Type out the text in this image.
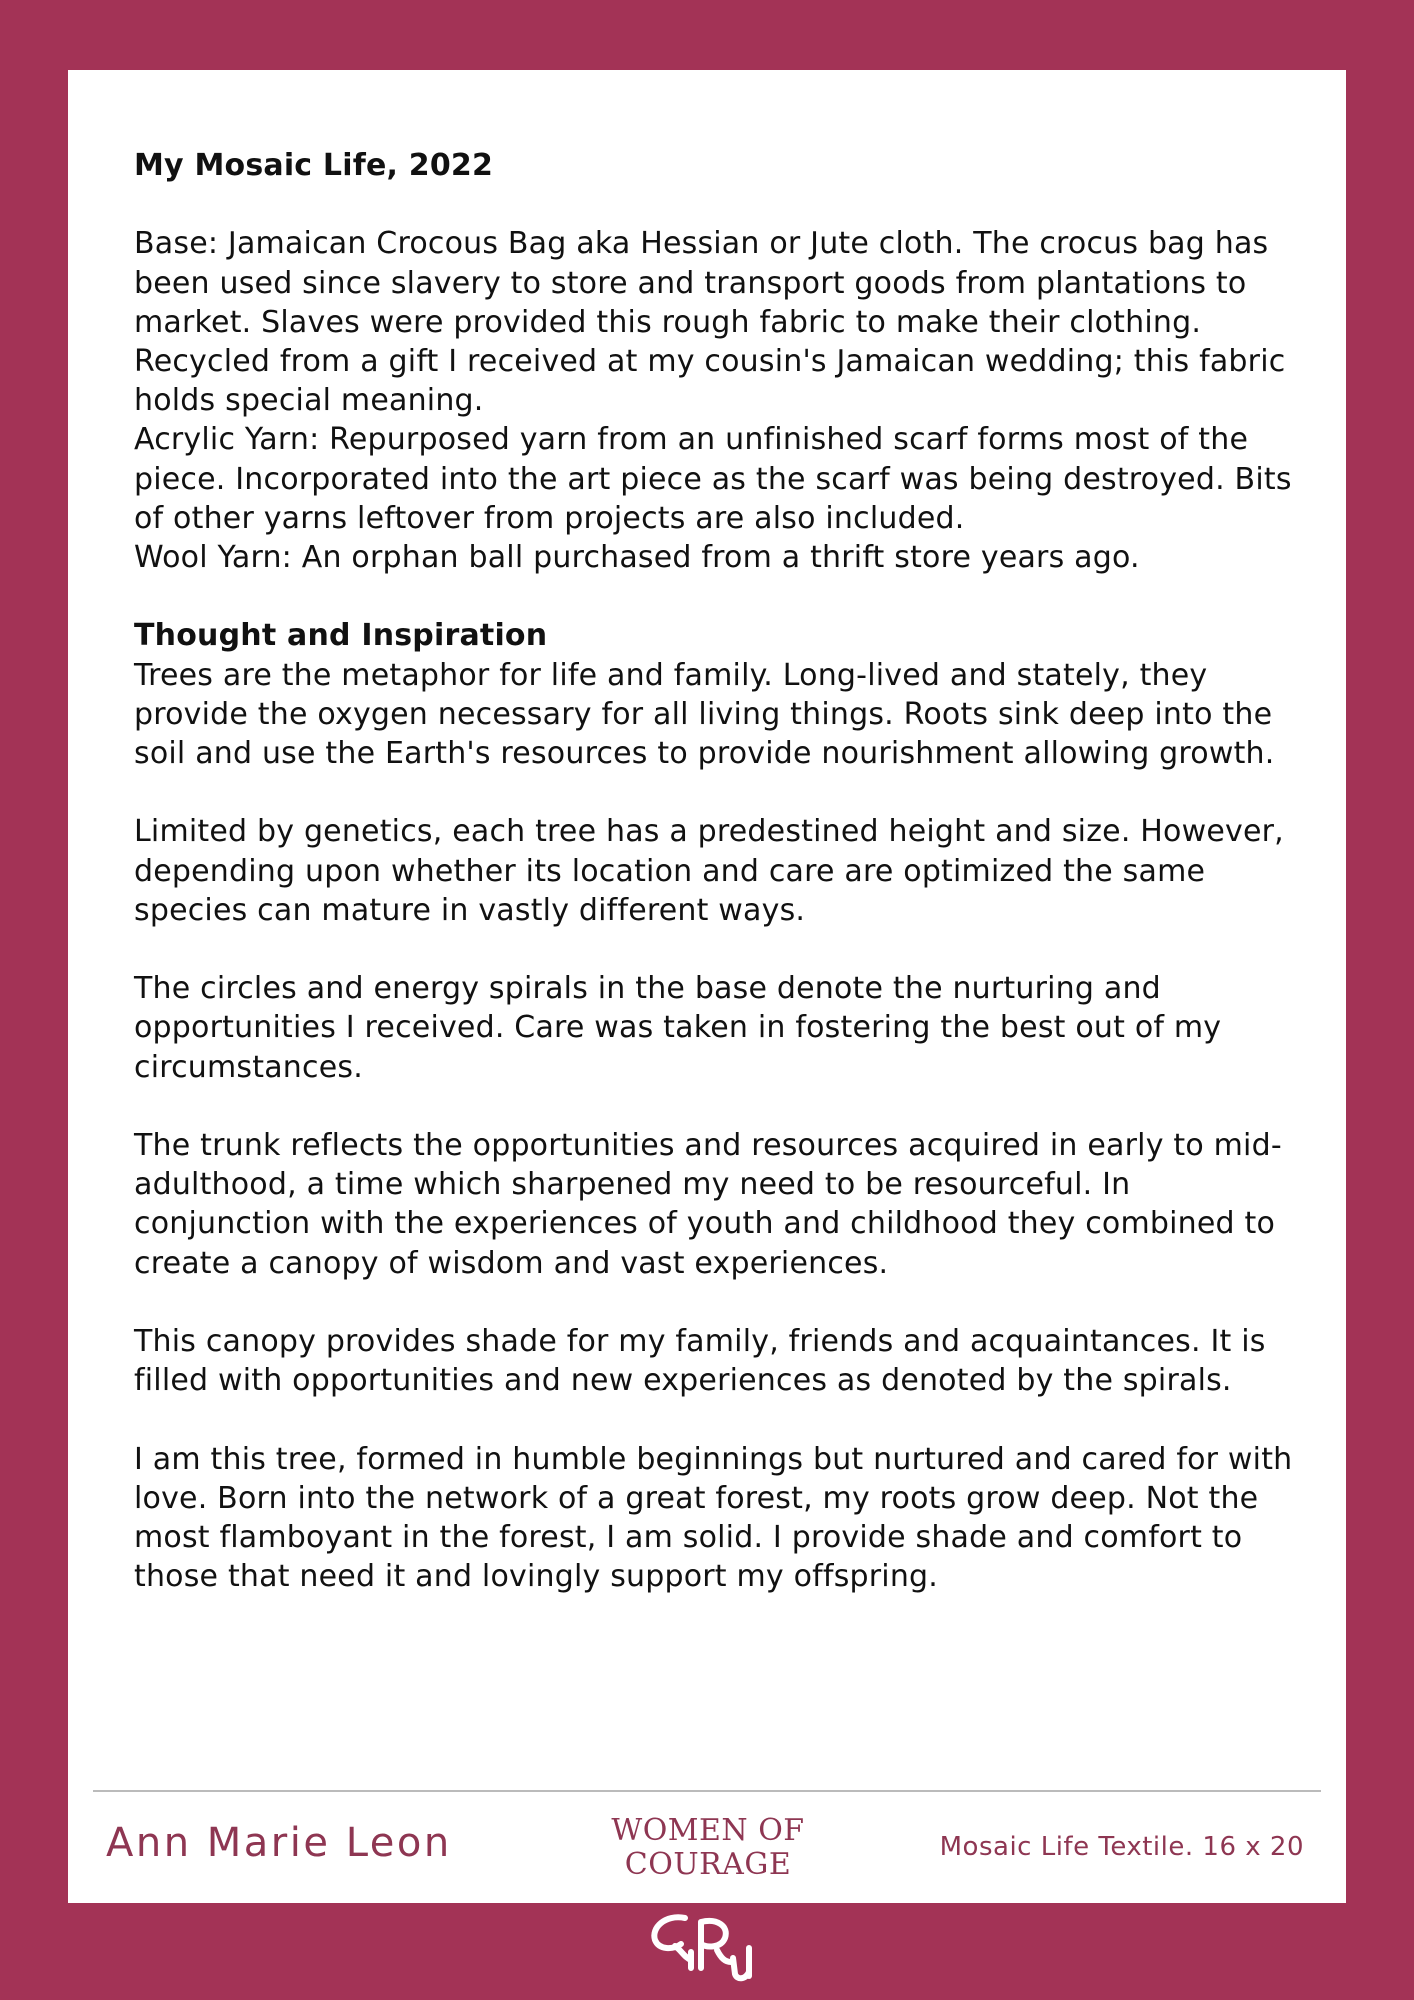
My Mosaic Life, 2022

Base: Jamaican Crocous Bag aka Hessian or Jute cloth. The crocus bag has been used since slavery to store and transport goods from plantations to market. Slaves were provided this rough fabric to make their clothing. Recycled from a gift I received at my cousin's Jamaican wedding; this fabric holds special meaning.

Acrylic Yarn: Repurposed yarn from an unfinished scarf forms most of the piece. Incorporated into the art piece as the scarf was being destroyed. Bits of other yarns leftover from projects are also included.

Wool Yarn: An orphan ball purchased from a thrift store years ago.

Thought and Inspiration

Trees are the metaphor for life and family. Long-lived and stately, they provide the oxygen necessary for all living things. Roots sink deep into the soil and use the Earth's resources to provide nourishment allowing growth.

Limited by genetics, each tree has a predestined height and size. However, depending upon whether its location and care are optimized the same species can mature in vastly different ways.

The circles and energy spirals in the base denote the nurturing and opportunities I received. Care was taken in fostering the best out of my circumstances.

The trunk reflects the opportunities and resources acquired in early to mid-adulthood, a time which sharpened my need to be resourceful. In conjunction with the experiences of youth and childhood they combined to create a canopy of wisdom and vast experiences.

This canopy provides shade for my family, friends and acquaintances. It is filled with opportunities and new experiences as denoted by the spirals.

I am this tree, formed in humble beginnings but nurtured and cared for with love. Born into the network of a great forest, my roots grow deep. Not the most flamboyant in the forest, I am solid. I provide shade and comfort to those that need it and lovingly support my offspring.

Ann Marie Leon	WOMEN OF
COURAGE	Mosaic Life Textile. 16 x 20
